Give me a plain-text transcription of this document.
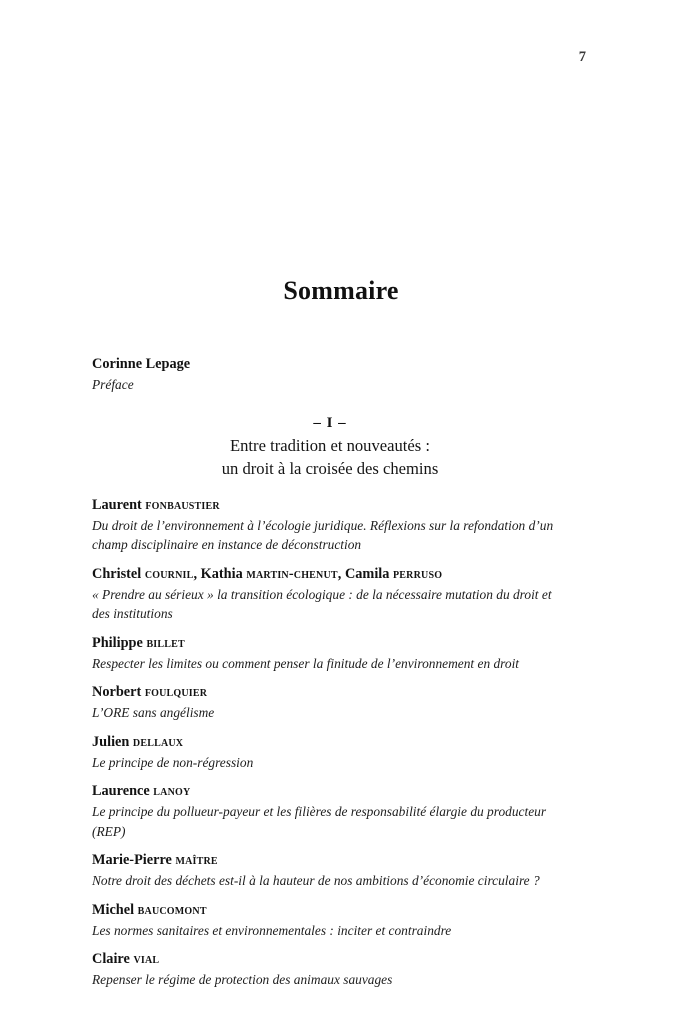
7
Sommaire
Corinne Lepage
Préface
– I –
Entre tradition et nouveautés :
un droit à la croisée des chemins
Laurent fonbaustier
Du droit de l’environnement à l’écologie juridique. Réflexions sur la refondation d’un champ disciplinaire en instance de déconstruction
Christel cournil, Kathia martin-chenut, Camila perruso
« Prendre au sérieux » la transition écologique : de la nécessaire mutation du droit et des institutions
Philippe billet
Respecter les limites ou comment penser la finitude de l’environnement en droit
Norbert foulquier
L’ORE sans angélisme
Julien dellaux
Le principe de non-régression
Laurence lanoy
Le principe du pollueur-payeur et les filières de responsabilité élargie du producteur (REP)
Marie-Pierre maître
Notre droit des déchets est-il à la hauteur de nos ambitions d’économie circulaire ?
Michel baucomont
Les normes sanitaires et environnementales : inciter et contraindre
Claire vial
Repenser le régime de protection des animaux sauvages
